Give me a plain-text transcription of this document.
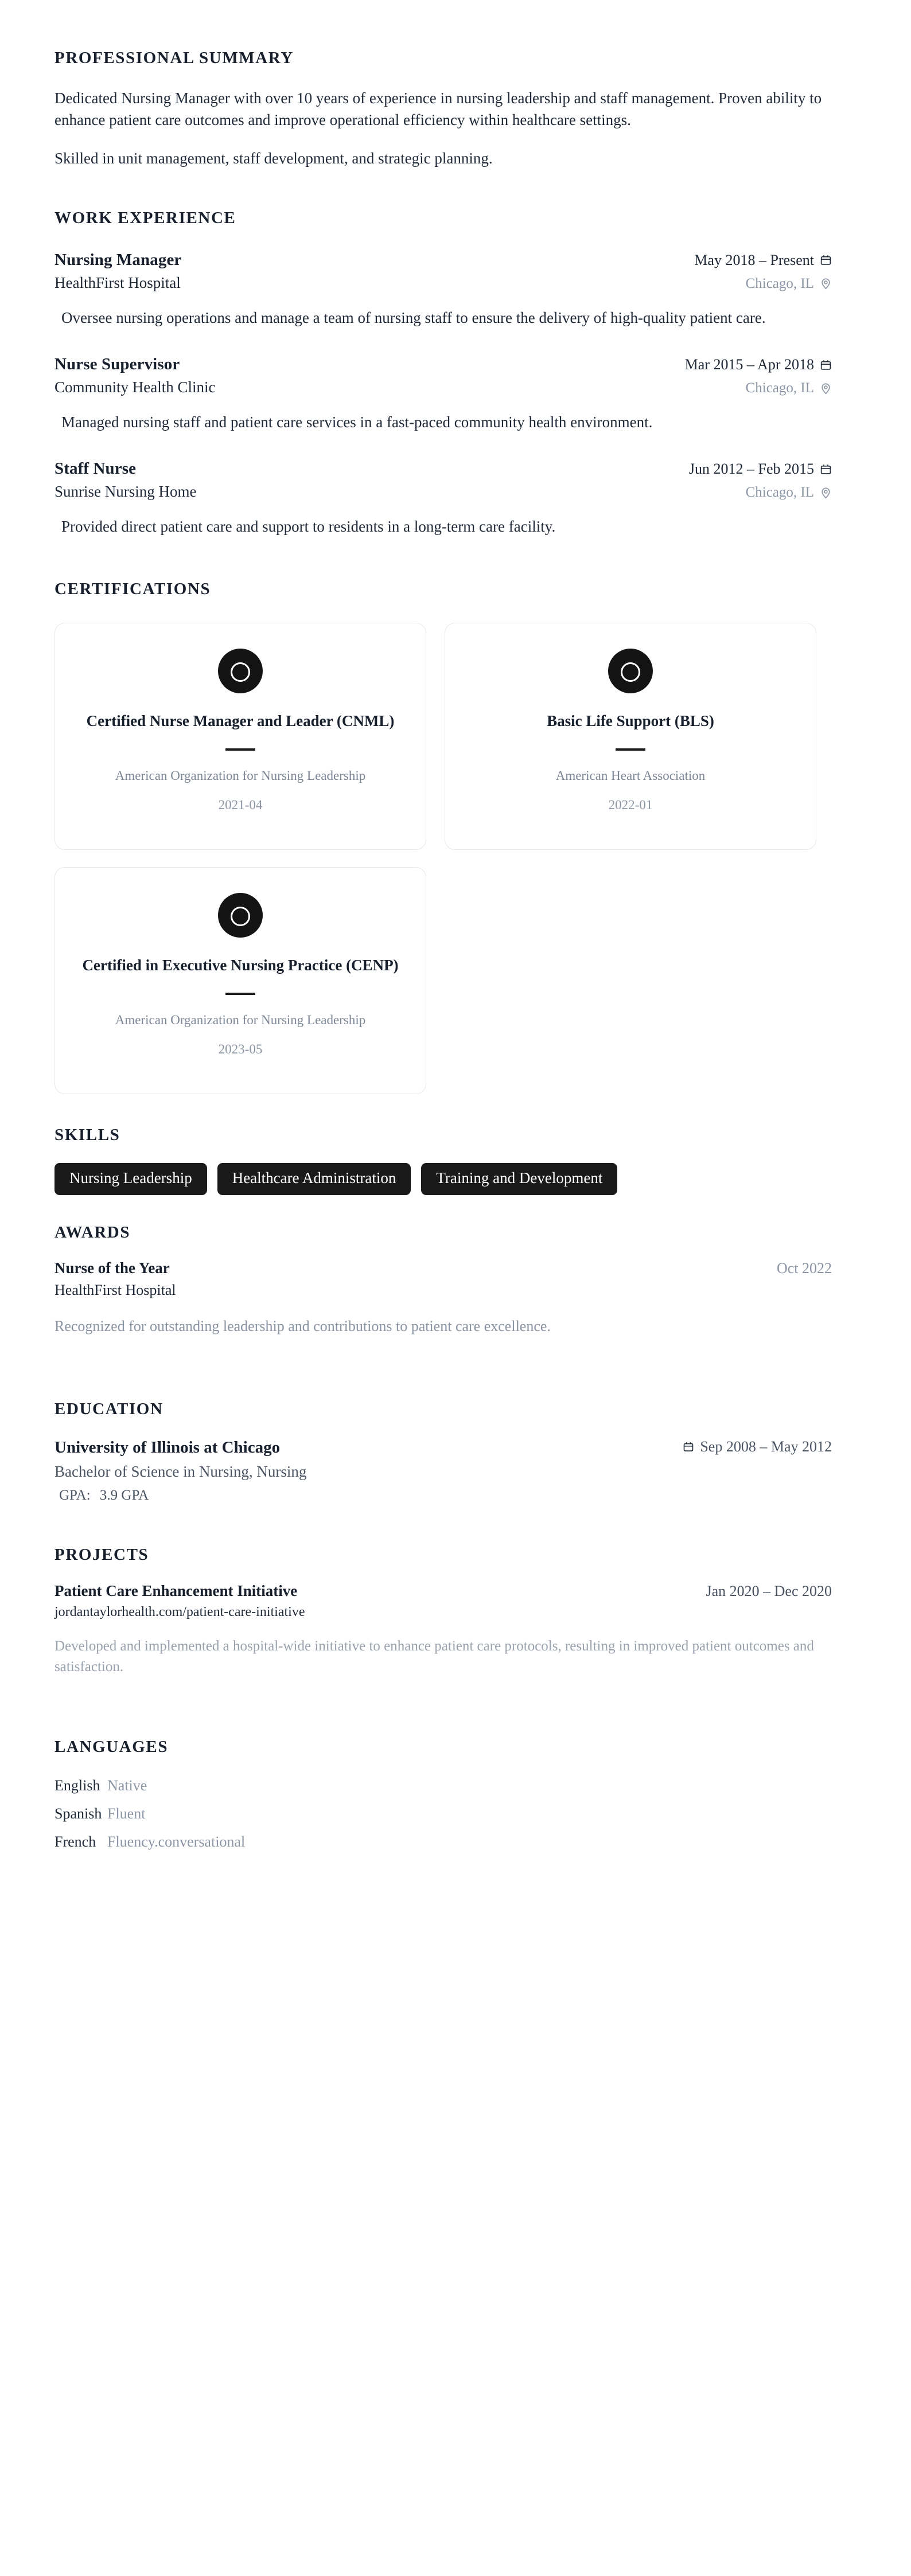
PROFESSIONAL SUMMARY

Dedicated Nursing Manager with over 10 years of experience in nursing leadership and staff management. Proven ability to enhance patient care outcomes and improve operational efficiency within healthcare settings.

Skilled in unit management, staff development, and strategic planning.

WORK EXPERIENCE
Nursing Manager	May 2018 – Present
HealthFirst Hospital	Chicago, IL
Oversee nursing operations and manage a team of nursing staff to ensure the delivery of high-quality patient care.
Nurse Supervisor	Mar 2015 – Apr 2018
Community Health Clinic	Chicago, IL
Managed nursing staff and patient care services in a fast-paced community health environment.
Staff Nurse	Jun 2012 – Feb 2015
Sunrise Nursing Home	Chicago, IL
Provided direct patient care and support to residents in a long-term care facility.
CERTIFICATIONS
Certified Nurse Manager and Leader (CNML)
American Organization for Nursing Leadership
2021-04
Basic Life Support (BLS)
American Heart Association
2022-01
Certified in Executive Nursing Practice (CENP)
American Organization for Nursing Leadership
2023-05
SKILLS
Nursing Leadership	Healthcare Administration	Training and Development
AWARDS
Nurse of the Year	Oct 2022
HealthFirst Hospital
Recognized for outstanding leadership and contributions to patient care excellence.
EDUCATION
University of Illinois at Chicago	Sep 2008 – May 2012
Bachelor of Science in Nursing, Nursing
GPA: 3.9 GPA
PROJECTS
Patient Care Enhancement Initiative	Jan 2020 – Dec 2020
jordantaylorhealth.com/patient-care-initiative
Developed and implemented a hospital-wide initiative to enhance patient care protocols, resulting in improved patient outcomes and satisfaction.
LANGUAGES
English Native
Spanish Fluent
French Fluency.conversational
